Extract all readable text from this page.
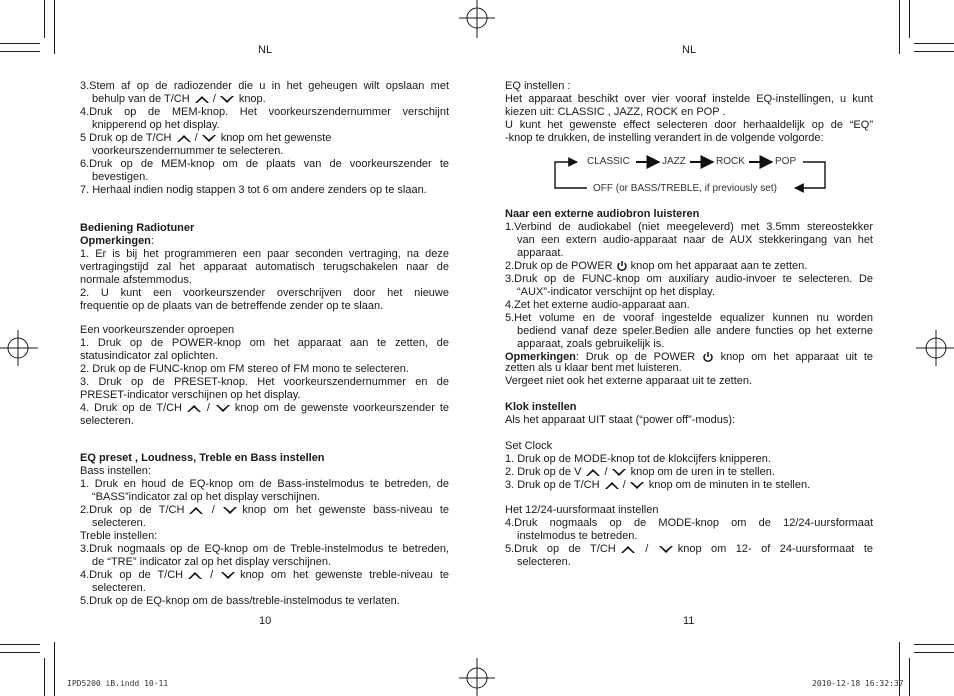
NL	NL
3.Stem af op de radiozender die u in het geheugen wilt opslaan met
behulp van de T/CH / knop.
4.Druk op de MEM-knop. Het voorkeurszendernummer verschijnt
knipperend op het display.
5 Druk op de T/CH / knop om het gewenste
voorkeurszendernummer te selecteren.
6.Druk op de MEM-knop om de plaats van de voorkeurszender te
bevestigen.
7. Herhaal indien nodig stappen 3 tot 6 om andere zenders op te slaan.
Bediening Radiotuner
Opmerkingen:
1. Er is bij het programmeren een paar seconden vertraging, na deze
vertragingstijd zal het apparaat automatisch terugschakelen naar de
normale afstemmodus.
2. U kunt een voorkeurszender overschrijven door het nieuwe
frequentie op de plaats van de betreffende zender op te slaan.
Een voorkeurszender oproepen
1. Druk op de POWER-knop om het apparaat aan te zetten, de
statusindicator zal oplichten.
2. Druk op de FUNC-knop om FM stereo of FM mono te selecteren.
3. Druk op de PRESET-knop. Het voorkeurszendernummer en de
PRESET-indicator verschijnen op het display.
4. Druk op de T/CH / knop om de gewenste voorkeurszender te
selecteren.
EQ preset , Loudness, Treble en Bass instellen
Bass instellen:
1. Druk en houd de EQ-knop om de Bass-instelmodus te betreden, de
“BASS”indicator zal op het display verschijnen.
2.Druk op de T/CH / knop om het gewenste bass-niveau te
selecteren.
Treble instellen:
3.Druk nogmaals op de EQ-knop om de Treble-instelmodus te betreden,
de “TRE” indicator zal op het display verschijnen.
4.Druk op de T/CH / knop om het gewenste treble-niveau te
selecteren.
5.Druk op de EQ-knop om de bass/treble-instelmodus te verlaten.
10
EQ instellen :
Het apparaat beschikt over vier vooraf instelde EQ-instellingen, u kunt
kiezen uit: CLASSIC , JAZZ, ROCK en POP .
U kunt het gewenste effect selecteren door herhaaldelijk op de “EQ”
-knop te drukken, de instelling verandert in de volgende volgorde:
CLASSIC	JAZZ	ROCK	POP
OFF (or BASS/TREBLE, if previously set)
Naar een externe audiobron luisteren
1.Verbind de audiokabel (niet meegeleverd) met 3.5mm stereostekker
van een extern audio-apparaat naar de AUX stekkeringang van het
apparaat.
2.Druk op de POWER knop om het apparaat aan te zetten.
3.Druk op de FUNC-knop om auxiliary audio-invoer te selecteren. De
“AUX”-indicator verschijnt op het display.
4.Zet het externe audio-apparaat aan.
5.Het volume en de vooraf ingestelde equalizer kunnen nu worden
bediend vanaf deze speler.Bedien alle andere functies op het externe
apparaat, zoals gebruikelijk is.
Opmerkingen: Druk op de POWER knop om het apparaat uit te
zetten als u klaar bent met luisteren.
Vergeet niet ook het externe apparaat uit te zetten.
Klok instellen
Als het apparaat UIT staat (“power off”-modus):
Set Clock
1. Druk op de MODE-knop tot de klokcijfers knipperen.
2. Druk op de V / knop om de uren in te stellen.
3. Druk op de T/CH / knop om de minuten in te stellen.
Het 12/24-uursformaat instellen
4.Druk nogmaals op de MODE-knop om de 12/24-uursformaat
instelmodus te betreden.
5.Druk op de T/CH / knop om 12- of 24-uursformaat te
selecteren.
11
IPD5200 iB.indd 10-11	2010-12-18 16:32:37
